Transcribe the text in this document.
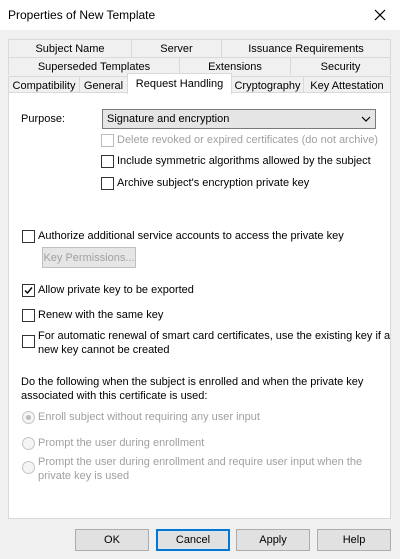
Properties of New Template
Subject Name	Server	Issuance Requirements
Superseded Templates	Extensions	Security
Compatibility General Request Handling Cryptography Key Attestation
Purpose:	Signature and encryption
Delete revoked or expired certificates (do not archive)
Include symmetric algorithms allowed by the subject
Archive subject's encryption private key
Authorize additional service accounts to access the private key
Key Permissions...
Allow private key to be exported
Renew with the same key
For automatic renewal of smart card certificates, use the existing key if a
new key cannot be created
Do the following when the subject is enrolled and when the private key
associated with this certificate is used:
Enroll subject without requiring any user input
Prompt the user during enrollment
Prompt the user during enrollment and require user input when the
private key is used
OK	Cancel	Apply	Help
